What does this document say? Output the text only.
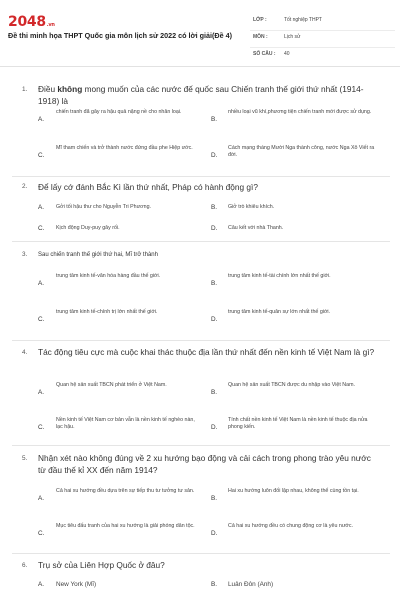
2048.vn
Đề thi minh họa THPT Quốc gia môn lịch sử 2022 có lời giải(Đề 4)
LỚP :	Tốt nghiệp THPT
MÔN :	Lịch sử
SỐ CÂU : 40
1. Điều không mong muốn của các nước đế quốc sau Chiến tranh thế giới thứ nhất (1914- 1918) là
A.
chiến tranh đã gây ra hậu quả nặng nề cho nhân loại.
B.
nhiều loại vũ khí,phương tiện chiến tranh mới được sử dụng.
C.
Mĩ tham chiến và trở thành nước đứng đầu phe Hiệp ước.
D.
Cách mạng tháng Mười Nga thành công, nước Nga Xô Viết ra đời.
2. Để lấy cớ đánh Bắc Kì lần thứ nhất, Pháp có hành động gì?
A. Gởi tối hậu thư cho Nguyễn Tri Phương.	B. Giở trò khiêu khích.
C. Kịch động Duy-puy gây rối.	D. Câu kết với nhà Thanh.
3. Sau chiến tranh thế giới thứ hai, Mĩ trở thành
A.
trung tâm kinh tế-văn hóa hàng đầu thế giới.
B.
trung tâm kinh tế-tài chính lớn nhất thế giới.
C.
trung tâm kinh tế-chính trị lớn nhất thế giới.
D.
trung tâm kinh tế-quân sự lớn nhất thế giới.
4. Tác động tiêu cực mà cuộc khai thác thuộc địa lần thứ nhất đến nền kinh tế Việt Nam là gì?
A.
Quan hệ sản xuất TBCN phát triển ở Việt Nam.
B.
Quan hệ sản xuất TBCN được du nhập vào Việt Nam.
C.
Nền kinh tế Việt Nam cơ bản vẫn là nền kinh tế nghèo nàn, lạc hậu.	D.
Tính chất nền kinh tế Việt Nam là nền kinh tế thuộc địa nửa phong kiến.
5. Nhận xét nào không đúng về 2 xu hướng bạo động và cải cách trong phong trào yêu nước từ đầu thế kỉ XX đến năm 1914?
A.
Cả hai xu hướng đều dựa trên sự tiếp thu tư tưởng tư sản.
B.
Hai xu hướng luôn đối lập nhau, không thể cùng tồn tại.
C.
Mục tiêu đấu tranh của hai xu hướng là giải phóng dân tộc.
D.
Cả hai xu hướng đều có chung động cơ là yêu nước.
6. Trụ sở của Liên Hợp Quốc ở đâu?
A. New York (Mĩ)	B. Luân Đôn (Anh)
